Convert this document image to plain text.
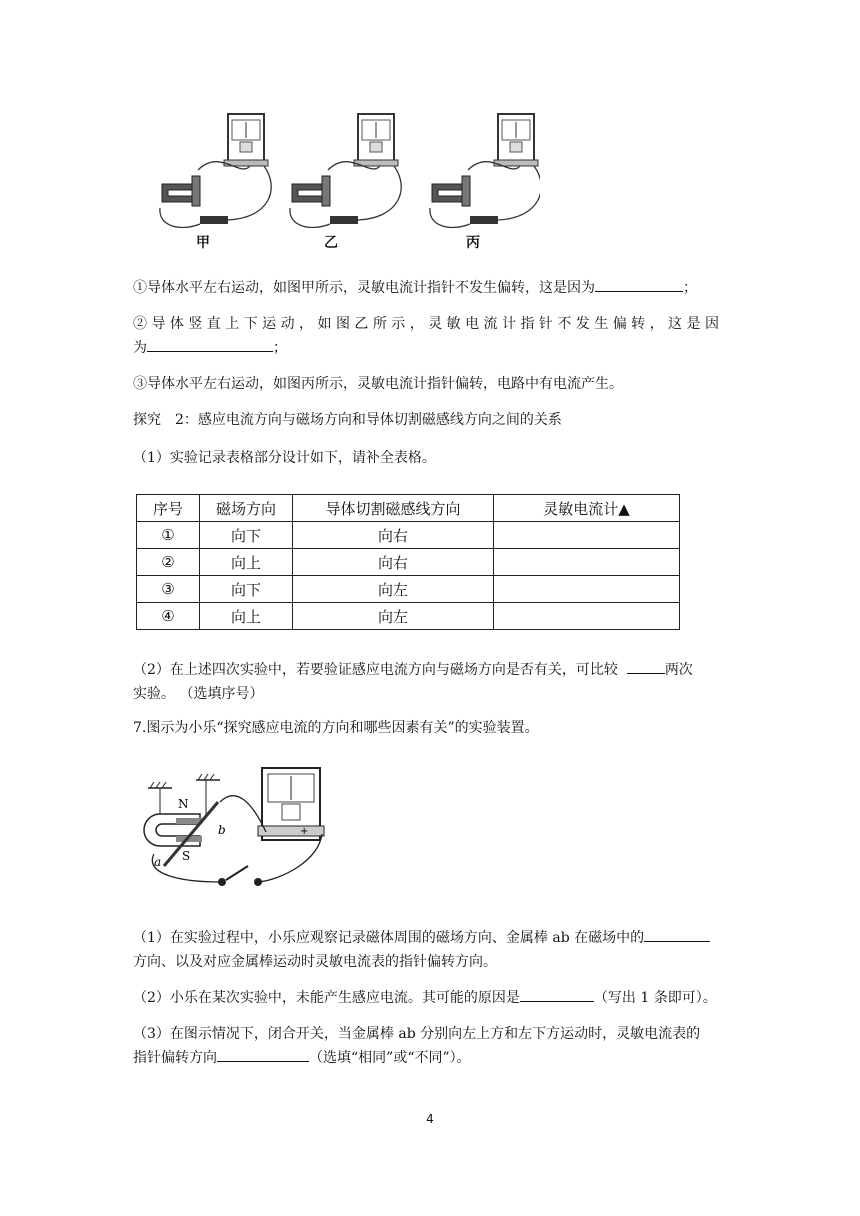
甲	乙	丙
①导体水平左右运动，如图甲所示，灵敏电流计指针不发生偏转，这是因为	；
② 导 体 竖 直 上 下 运 动 ， 如 图 乙 所 示 ， 灵 敏 电 流 计 指 针 不 发 生 偏 转 ， 这 是 因
为	；
③导体水平左右运动，如图丙所示，灵敏电流计指针偏转，电路中有电流产生。
探究　2：感应电流方向与磁场方向和导体切割磁感线方向之间的关系
（1）实验记录表格部分设计如下，请补全表格。
序号	磁场方向	导体切割磁感线方向	灵敏电流计▲
①	向下	向右	
②	向上	向右	
③	向下	向左	
④	向上	向左	
（2）在上述四次实验中，若要验证感应电流方向与磁场方向是否有关，可比较	两次
实验。 （选填序号）
7.图示为小乐“探究感应电流的方向和哪些因素有关”的实验装置。
N
S
a
b	+
（1）在实验过程中，小乐应观察记录磁体周围的磁场方向、金属棒 ab 在磁场中的
方向、以及对应金属棒运动时灵敏电流表的指针偏转方向。
（2）小乐在某次实验中，未能产生感应电流。其可能的原因是	（写出 1 条即可）。
（3）在图示情况下，闭合开关，当金属棒 ab 分别向左上方和左下方运动时，灵敏电流表的
指针偏转方向	（选填“相同”或“不同”）。
4
